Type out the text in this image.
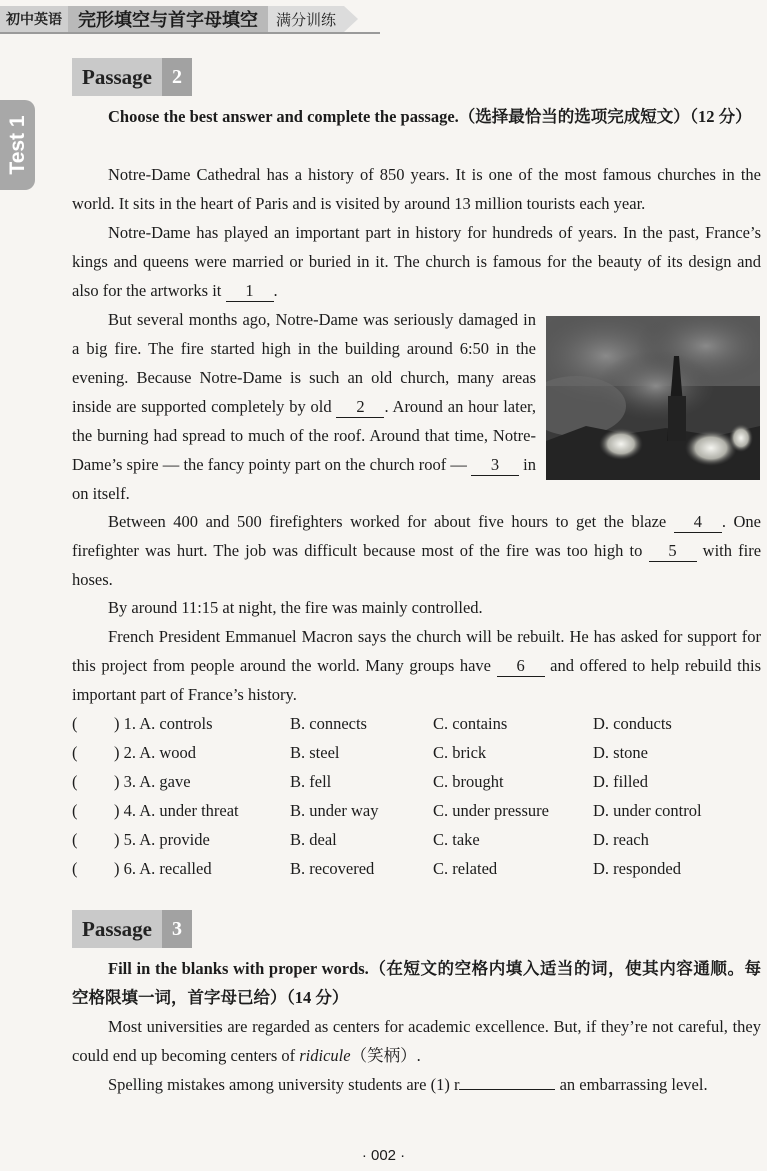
初中英语 完形填空与首字母填空	满分训练
Test 1
Passage	2

Choose the best answer and complete the passage.（选择最恰当的选项完成短文）（12 分）

Notre-Dame Cathedral has a history of 850 years. It is one of the most famous churches in the world. It sits in the heart of Paris and is visited by around 13 million tourists each year.

Notre-Dame has played an important part in history for hundreds of years. In the past, France’s kings and queens were married or buried in it. The church is famous for the beauty of its design and also for the artworks it 1 .

But several months ago, Notre-Dame was seriously damaged in a big fire. The fire started high in the building around 6:50 in the evening. Because Notre-Dame is such an old church, many areas inside are supported completely by old 2 . Around an hour later, the burning had spread to much of the roof. Around that time, Notre-Dame’s spire — the fancy pointy part on the church roof — 3 in on itself.

Between 400 and 500 firefighters worked for about five hours to get the blaze 4 . One firefighter was hurt. The job was difficult because most of the fire was too high to 5 with fire hoses.

By around 11:15 at night, the fire was mainly controlled.

French President Emmanuel Macron says the church will be rebuilt. He has asked for support for this project from people around the world. Many groups have 6 and offered to help rebuild this important part of France’s history.

( ) 1. A. controls	B. connects	C. contains	D. conducts
( ) 2. A. wood	B. steel	C. brick	D. stone
( ) 3. A. gave	B. fell	C. brought	D. filled
( ) 4. A. under threat	B. under way	C. under pressure	D. under control
( ) 5. A. provide	B. deal	C. take	D. reach
( ) 6. A. recalled	B. recovered	C. related	D. responded
Passage	3

Fill in the blanks with proper words.（在短文的空格内填入适当的词，使其内容通顺。每空格限填一词，首字母已给）（14 分）

Most universities are regarded as centers for academic excellence. But, if they’re not careful, they could end up becoming centers of ridicule（笑柄）.

Spelling mistakes among university students are (1) r	an embarrassing level.

· 002 ·
